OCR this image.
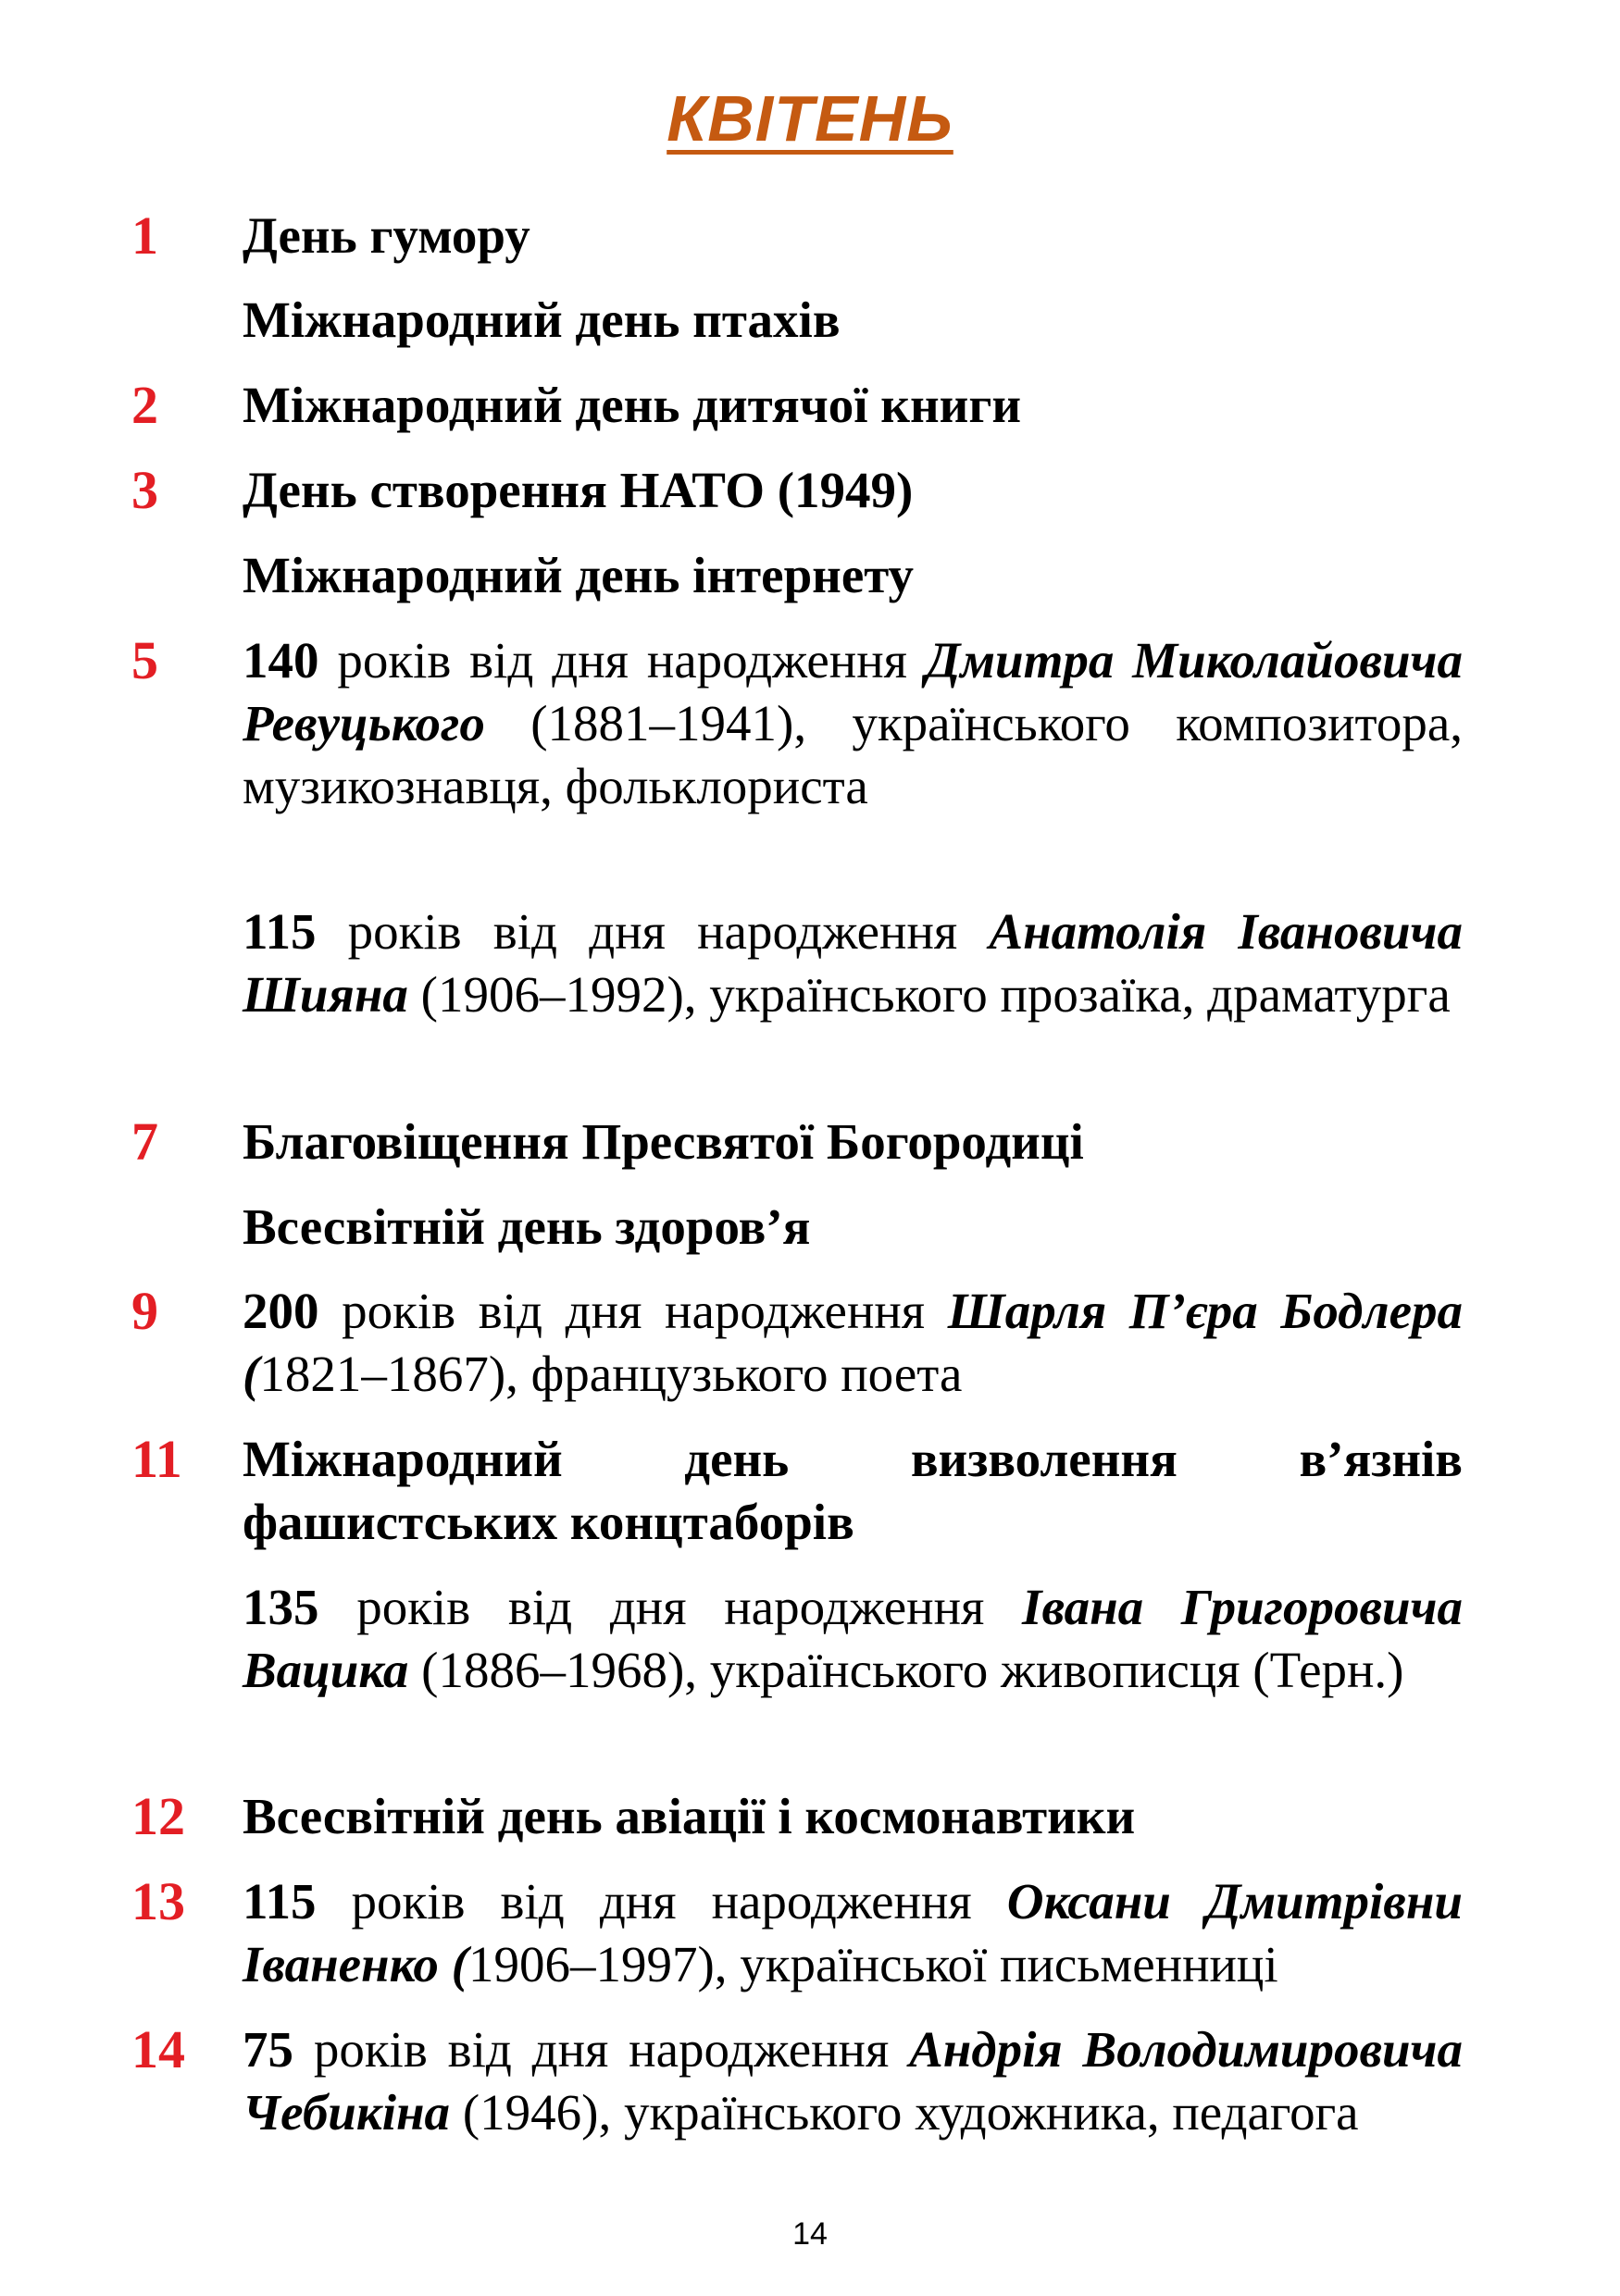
КВІТЕНЬ
1 День гумору

Міжнародний день птахів

2 Міжнародний день дитячої книги

3 День створення НАТО (1949)

Міжнародний день інтернету

5 140 років від дня народження Дмитра Миколайовича Ревуцького (1881–1941), українського композитора, музикознавця, фольклориста

115 років від дня народження Анатолія Івановича Шияна (1906–1992), українського прозаїка, драматурга

7 Благовіщення Пресвятої Богородиці

Всесвітній день здоров’я

9 200 років від дня народження Шарля П’єра Бодлера (1821–1867), французького поета

11 Міжнародний день визволення в’язнів фашистських концтаборів

135 років від дня народження Івана Григоровича Вацика (1886–1968), українського живописця (Терн.)

12 Всесвітній день авіації і космонавтики

13 115 років від дня народження Оксани Дмитрівни Іваненко (1906–1997), української письменниці

14 75 років від дня народження Андрія Володимировича Чебикіна (1946), українського художника, педагога

14
